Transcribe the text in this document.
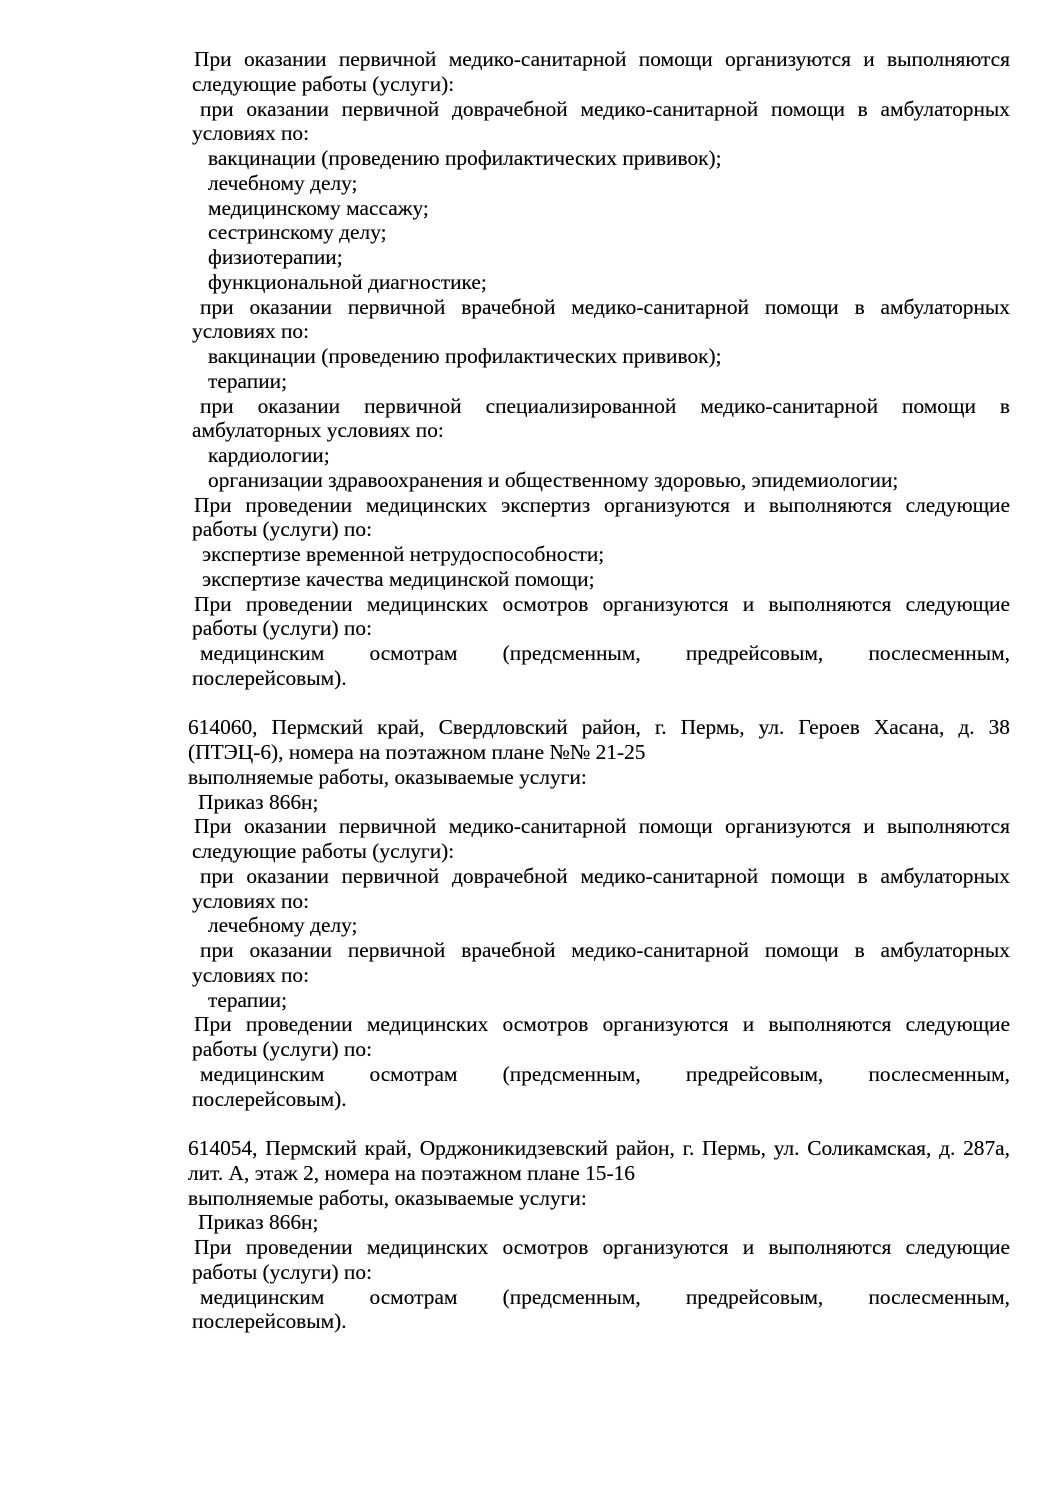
При оказании первичной медико-санитарной помощи организуются и выполняются следующие работы (услуги):

при оказании первичной доврачебной медико-санитарной помощи в амбулаторных условиях по:

вакцинации (проведению профилактических прививок);

лечебному делу;

медицинскому массажу;

сестринскому делу;

физиотерапии;

функциональной диагностике;

при оказании первичной врачебной медико-санитарной помощи в амбулаторных условиях по:

вакцинации (проведению профилактических прививок);

терапии;

при оказании первичной специализированной медико-санитарной помощи в амбулаторных условиях по:

кардиологии;

организации здравоохранения и общественному здоровью, эпидемиологии;

При проведении медицинских экспертиз организуются и выполняются следующие работы (услуги) по:

экспертизе временной нетрудоспособности;

экспертизе качества медицинской помощи;

При проведении медицинских осмотров организуются и выполняются следующие работы (услуги) по:

медицинским осмотрам (предсменным, предрейсовым, послесменным, послерейсовым).

614060, Пермский край, Свердловский район, г. Пермь, ул. Героев Хасана, д. 38 (ПТЭЦ-6), номера на поэтажном плане №№ 21-25

выполняемые работы, оказываемые услуги:

Приказ 866н;

При оказании первичной медико-санитарной помощи организуются и выполняются следующие работы (услуги):

при оказании первичной доврачебной медико-санитарной помощи в амбулаторных условиях по:

лечебному делу;

при оказании первичной врачебной медико-санитарной помощи в амбулаторных условиях по:

терапии;

При проведении медицинских осмотров организуются и выполняются следующие работы (услуги) по:

медицинским осмотрам (предсменным, предрейсовым, послесменным, послерейсовым).

614054, Пермский край, Орджоникидзевский район, г. Пермь, ул. Соликамская, д. 287а, лит. А, этаж 2, номера на поэтажном плане 15-16

выполняемые работы, оказываемые услуги:

Приказ 866н;

При проведении медицинских осмотров организуются и выполняются следующие работы (услуги) по:

медицинским осмотрам (предсменным, предрейсовым, послесменным, послерейсовым).
